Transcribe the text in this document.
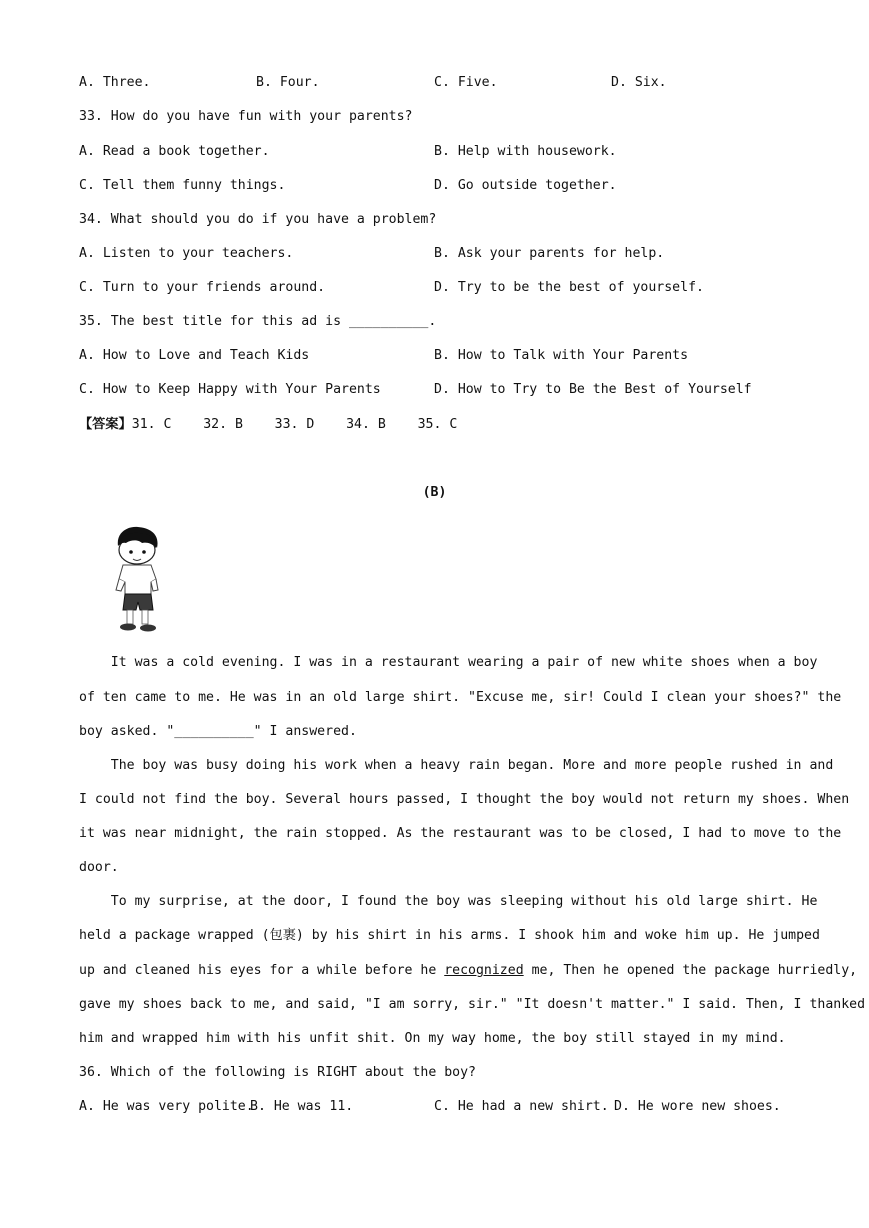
A. Three.	B. Four.	C. Five.	D. Six.
33. How do you have fun with your parents?
A. Read a book together.	B. Help with housework.
C. Tell them funny things.	D. Go outside together.
34. What should you do if you have a problem?
A. Listen to your teachers.	B. Ask your parents for help.
C. Turn to your friends around.	D. Try to be the best of yourself.
35. The best title for this ad is __________.
A. How to Love and Teach Kids	B. How to Talk with Your Parents
C. How to Keep Happy with Your Parents	D. How to Try to Be the Best of Yourself
【答案】31. C    32. B    33. D    34. B    35. C
(B)
It was a cold evening. I was in a restaurant wearing a pair of new white shoes when a boy
of ten came to me. He was in an old large shirt. "Excuse me, sir! Could I clean your shoes?" the
boy asked. "__________" I answered.
The boy was busy doing his work when a heavy rain began. More and more people rushed in and
I could not find the boy. Several hours passed, I thought the boy would not return my shoes. When
it was near midnight, the rain stopped. As the restaurant was to be closed, I had to move to the
door.
To my surprise, at the door, I found the boy was sleeping without his old large shirt. He
held a package wrapped (包裹) by his shirt in his arms. I shook him and woke him up. He jumped
up and cleaned his eyes for a while before he recognized me, Then he opened the package hurriedly,
gave my shoes back to me, and said, "I am sorry, sir." "It doesn't matter." I said. Then, I thanked
him and wrapped him with his unfit shit. On my way home, the boy still stayed in my mind.
36. Which of the following is RIGHT about the boy?
A. He was very polite.
B. He was 11.	C. He had a new shirt. D. He wore new shoes.
